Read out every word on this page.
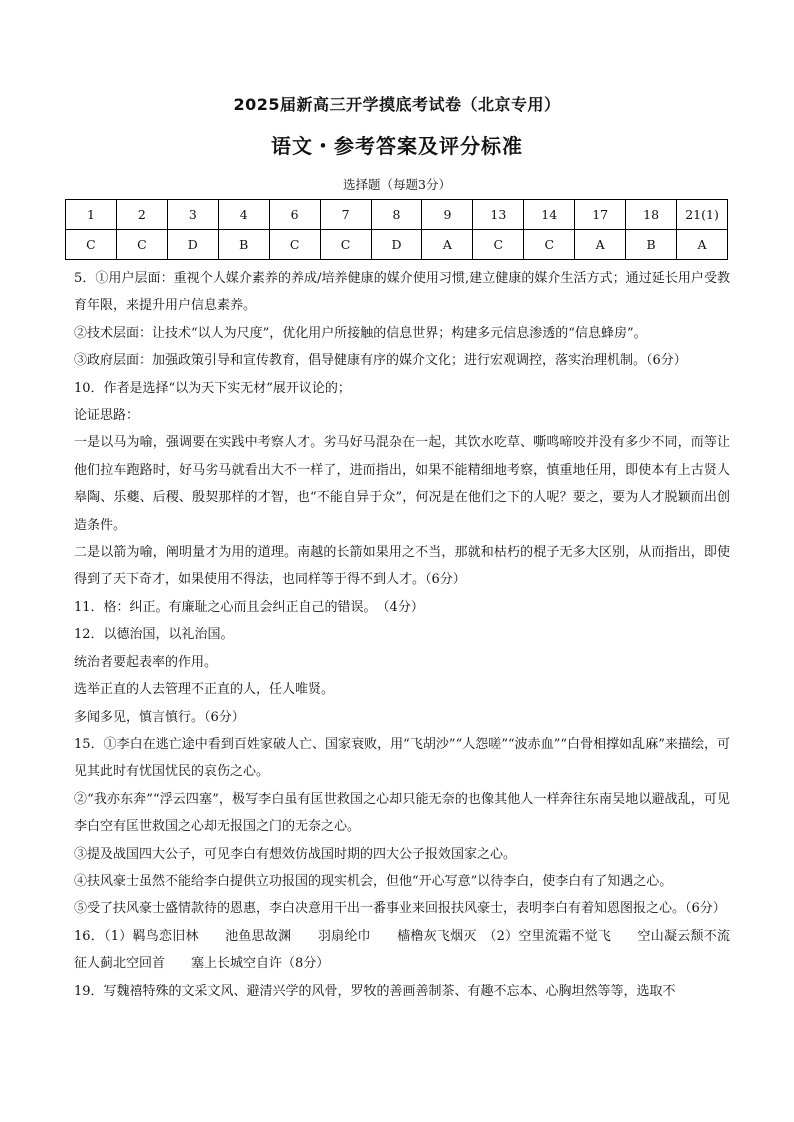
2025届新高三开学摸底考试卷（北京专用）
语文・参考答案及评分标准
选择题（每题3分）
1	2	3	4	6	7	8	9	13	14	17	18	21(1)
C	C	D	B	C	C	D	A	C	C	A	B	A

5．①用户层面：重视个人媒介素养的养成/培养健康的媒介使用习惯,建立健康的媒介生活方式；通过延长用户受教育年限，来提升用户信息素养。

②技术层面：让技术“以人为尺度”，优化用户所接触的信息世界；构建多元信息渗透的“信息蜂房”。

③政府层面：加强政策引导和宣传教育，倡导健康有序的媒介文化；进行宏观调控，落实治理机制。（6分）

10．作者是选择“以为天下实无材”展开议论的；

论证思路：

一是以马为喻，强调要在实践中考察人才。劣马好马混杂在一起，其饮水吃草、嘶鸣啼咬并没有多少不同，而等让他们拉车跑路时，好马劣马就看出大不一样了，进而指出，如果不能精细地考察，慎重地任用，即使本有上古贤人皋陶、乐夔、后稷、殷契那样的才智，也“不能自异于众”，何况是在他们之下的人呢？要之，要为人才脱颖而出创造条件。

二是以箭为喻，阐明量才为用的道理。南越的长箭如果用之不当，那就和枯朽的棍子无多大区别，从而指出，即使得到了天下奇才，如果使用不得法，也同样等于得不到人才。（6分）

11．格：纠正。有廉耻之心而且会纠正自己的错误。　（4分）

12．以德治国，以礼治国。

统治者要起表率的作用。

选举正直的人去管理不正直的人，任人唯贤。

多闻多见，慎言慎行。（6分）

15．①李白在逃亡途中看到百姓家破人亡、国家衰败，用“飞胡沙”“人怨嗟”“波赤血”“白骨相撑如乱麻”来描绘，可见其此时有忧国忧民的哀伤之心。

②“我亦东奔”“浮云四塞”，极写李白虽有匡世救国之心却只能无奈的也像其他人一样奔往东南吴地以避战乱，可见李白空有匡世救国之心却无报国之门的无奈之心。

③提及战国四大公子，可见李白有想效仿战国时期的四大公子报效国家之心。

④扶风豪士虽然不能给李白提供立功报国的现实机会，但他“开心写意”以待李白，使李白有了知遇之心。

⑤受了扶风豪士盛情款待的恩惠，李白决意用干出一番事业来回报扶风豪士，表明李白有着知恩图报之心。（6分）

16．（1）羁鸟恋旧林　　池鱼思故渊　　羽扇纶巾　　樯橹灰飞烟灭　（2）空里流霜不觉飞　　空山凝云颓不流　　征人蓟北空回首　　塞上长城空自许（8分）

19．写魏禧特殊的文采文风、避清兴学的风骨，罗牧的善画善制茶、有趣不忘本、心胸坦然等等，选取不
